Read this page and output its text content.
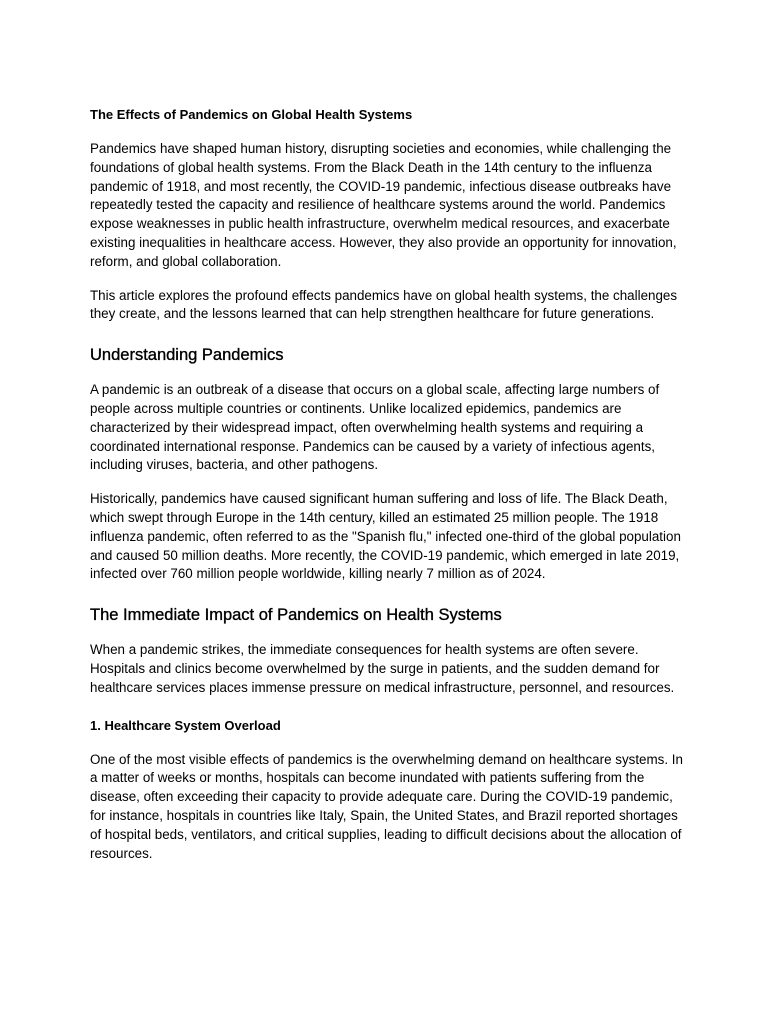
The Effects of Pandemics on Global Health Systems

Pandemics have shaped human history, disrupting societies and economies, while challenging the foundations of global health systems. From the Black Death in the 14th century to the influenza pandemic of 1918, and most recently, the COVID-19 pandemic, infectious disease outbreaks have repeatedly tested the capacity and resilience of healthcare systems around the world. Pandemics expose weaknesses in public health infrastructure, overwhelm medical resources, and exacerbate existing inequalities in healthcare access. However, they also provide an opportunity for innovation, reform, and global collaboration.

This article explores the profound effects pandemics have on global health systems, the challenges they create, and the lessons learned that can help strengthen healthcare for future generations.

Understanding Pandemics

A pandemic is an outbreak of a disease that occurs on a global scale, affecting large numbers of people across multiple countries or continents. Unlike localized epidemics, pandemics are characterized by their widespread impact, often overwhelming health systems and requiring a coordinated international response. Pandemics can be caused by a variety of infectious agents, including viruses, bacteria, and other pathogens.

Historically, pandemics have caused significant human suffering and loss of life. The Black Death, which swept through Europe in the 14th century, killed an estimated 25 million people. The 1918 influenza pandemic, often referred to as the "Spanish flu," infected one-third of the global population and caused 50 million deaths. More recently, the COVID-19 pandemic, which emerged in late 2019, infected over 760 million people worldwide, killing nearly 7 million as of 2024.

The Immediate Impact of Pandemics on Health Systems

When a pandemic strikes, the immediate consequences for health systems are often severe. Hospitals and clinics become overwhelmed by the surge in patients, and the sudden demand for healthcare services places immense pressure on medical infrastructure, personnel, and resources.

1. Healthcare System Overload

One of the most visible effects of pandemics is the overwhelming demand on healthcare systems. In a matter of weeks or months, hospitals can become inundated with patients suffering from the disease, often exceeding their capacity to provide adequate care. During the COVID-19 pandemic, for instance, hospitals in countries like Italy, Spain, the United States, and Brazil reported shortages of hospital beds, ventilators, and critical supplies, leading to difficult decisions about the allocation of resources.
